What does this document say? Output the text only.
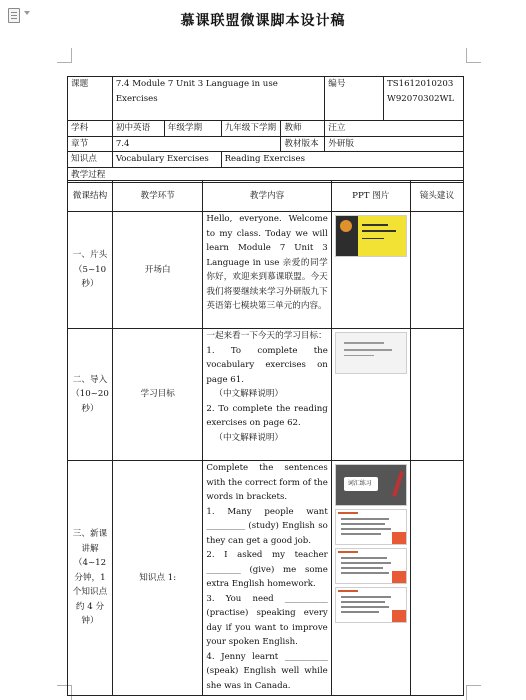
慕课联盟微课脚本设计稿
课题	7.4 Module 7 Unit 3 Language in use Exercises				编号	TS1612010203
W92070302WL
学科	初中英语	年级学期	九年级下学期	教师	汪立	
章节	7.4			教材版本	外研版	
知识点	Vocabulary Exercises		Reading Exercises			
教学过程						
微课结构	教学环节	教学内容	PPT 图片	镜头建议
一、片头（5~10 秒）	开场白	Hello, everyone. Welcome to my class. Today we will learn Module 7 Unit 3 Language in use 亲爱的同学你好，欢迎来到慕课联盟。今天我们将要继续来学习外研版九下英语第七模块第三单元的内容。	

二、导入（10~20 秒）	学习目标	一起来看一下今天的学习目标：
1. To complete the vocabulary exercises on page 61.
（中文解释说明）
2. To complete the reading exercises on page 62.
（中文解释说明）		

三、新课讲解（4~12 分钟，1 个知识点约 4 分钟）	知识点 1:	Complete the sentences with the correct form of the words in brackets.
1. Many people want _________ (study) English so they can get a good job.
2. I asked my teacher ________ (give) me some extra English homework.
3. You need __________ (practise) speaking every day if you want to improve your spoken English.
4. Jenny learnt __________ (speak) English well while she was in Canada.	词汇练习	
